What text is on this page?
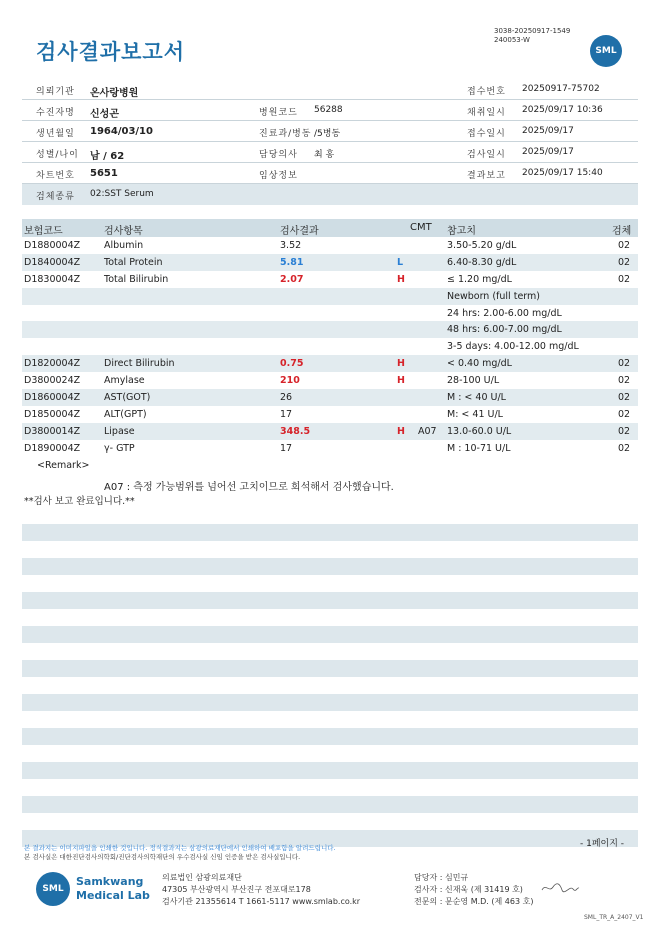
검사결과보고서
3038-20250917-1549
240053-W
SML
의뢰기관 온사랑병원	접수번호 20250917-75702
수진자명 신성곤	병원코드 56288	채취일시 2025/09/17 10:36
생년월일 1964/03/10	진료과/병동 /5병동	접수일시 2025/09/17
성별/나이 남 / 62	담당의사 최 홍	검사일시 2025/09/17
차트번호 5651	임상정보	결과보고 2025/09/17 15:40
검체종류 02:SST Serum
보험코드	검사항목	검사결과	CMT 참고치	검체
D1880004Z	Albumin	3.52	3.50-5.20 g/dL	02
D1840004Z	Total Protein	5.81	L	6.40-8.30 g/dL	02
D1830004Z	Total Bilirubin	2.07	H	≤ 1.20 mg/dL	02
Newborn (full term)
24 hrs: 2.00-6.00 mg/dL
48 hrs: 6.00-7.00 mg/dL
3-5 days: 4.00-12.00 mg/dL
D1820004Z	Direct Bilirubin	0.75	H	< 0.40 mg/dL	02
D3800024Z	Amylase	210	H	28-100 U/L	02
D1860004Z	AST(GOT)	26	M : < 40 U/L	02
D1850004Z	ALT(GPT)	17	M: < 41 U/L	02
D3800014Z	Lipase	348.5	H A07 13.0-60.0 U/L	02
D1890004Z	γ- GTP	17	M : 10-71 U/L	02
<Remark>
A07 : 측정 가능범위를 넘어선 고치이므로 희석해서 검사했습니다.
**검사 보고 완료입니다.**
- 1페이지 -
본 결과지는 이미지파일을 인쇄한 것입니다. 정식결과지는 삼광의료재단에서 인쇄하여 배포함을 알려드립니다.
본 검사실은 대한진단검사의학회/진단검사의학재단의 우수검사실 신임 인증을 받은 검사실입니다.
SML
Samkwang
Medical Lab
의료법인 삼광의료재단
47305 부산광역시 부산진구 전포대로178
검사기관 21355614 T 1661-5117 www.smlab.co.kr
담당자 : 심민규
검사자 : 신재욱 (제 31419 호)
전문의 : 문순영 M.D. (제 463 호)
SML_TR_A_2407_V1
